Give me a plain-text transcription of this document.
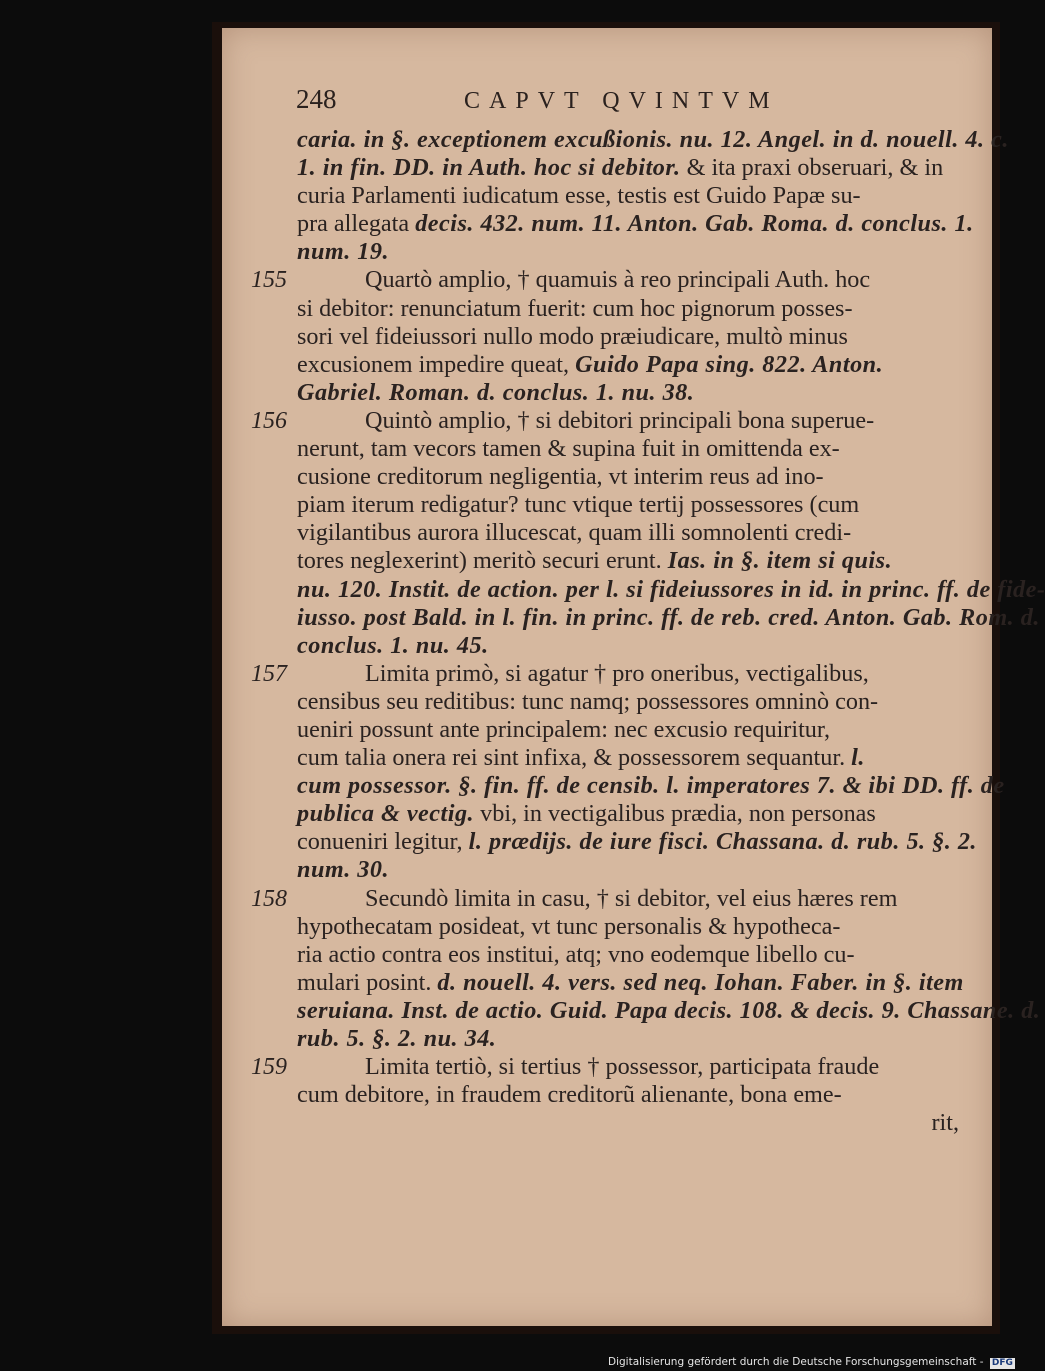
248	CAPVT QVINTVM
caria. in §. exceptionem excußionis. nu. 12. Angel. in d. nouell. 4. c.
1. in fin. DD. in Auth. hoc si debitor. & ita praxi obseruari, & in
curia Parlamenti iudicatum esse, testis est Guido Papæ su-
pra allegata decis. 432. num. 11. Anton. Gab. Roma. d. conclus. 1.
num. 19.
155	Quartò amplio, † quamuis à reo principali Auth. hoc
si debitor: renunciatum fuerit: cum hoc pignorum posses-
sori vel fideiussori nullo modo præiudicare, multò minus
excusionem impedire queat, Guido Papa sing. 822. Anton.
Gabriel. Roman. d. conclus. 1. nu. 38.
156	Quintò amplio, † si debitori principali bona superue-
nerunt, tam vecors tamen & supina fuit in omittenda ex-
cusione creditorum negligentia, vt interim reus ad ino-
piam iterum redigatur? tunc vtique tertij possessores (cum
vigilantibus aurora illucescat, quam illi somnolenti credi-
tores neglexerint) meritò securi erunt. Ias. in §. item si quis.
nu. 120. Instit. de action. per l. si fideiussores in id. in princ. ff. de fide-
iusso. post Bald. in l. fin. in princ. ff. de reb. cred. Anton. Gab. Rom. d.
conclus. 1. nu. 45.
157	Limita primò, si agatur † pro oneribus, vectigalibus,
censibus seu reditibus: tunc namq; possessores omninò con-
ueniri possunt ante principalem: nec excusio requiritur,
cum talia onera rei sint infixa, & possessorem sequantur. l.
cum possessor. §. fin. ff. de censib. l. imperatores 7. & ibi DD. ff. de
publica & vectig. vbi, in vectigalibus prædia, non personas
conueniri legitur, l. prædijs. de iure fisci. Chassana. d. rub. 5. §. 2.
num. 30.
158	Secundò limita in casu, † si debitor, vel eius hæres rem
hypothecatam posideat, vt tunc personalis & hypotheca-
ria actio contra eos institui, atq; vno eodemque libello cu-
mulari posint. d. nouell. 4. vers. sed neq. Iohan. Faber. in §. item
seruiana. Inst. de actio. Guid. Papa decis. 108. & decis. 9. Chassane. d.
rub. 5. §. 2. nu. 34.
159	Limita tertiò, si tertius † possessor, participata fraude
cum debitore, in fraudem creditorũ alienante, bona eme-
rit,
Digitalisierung gefördert durch die Deutsche Forschungsgemeinschaft - DFG
